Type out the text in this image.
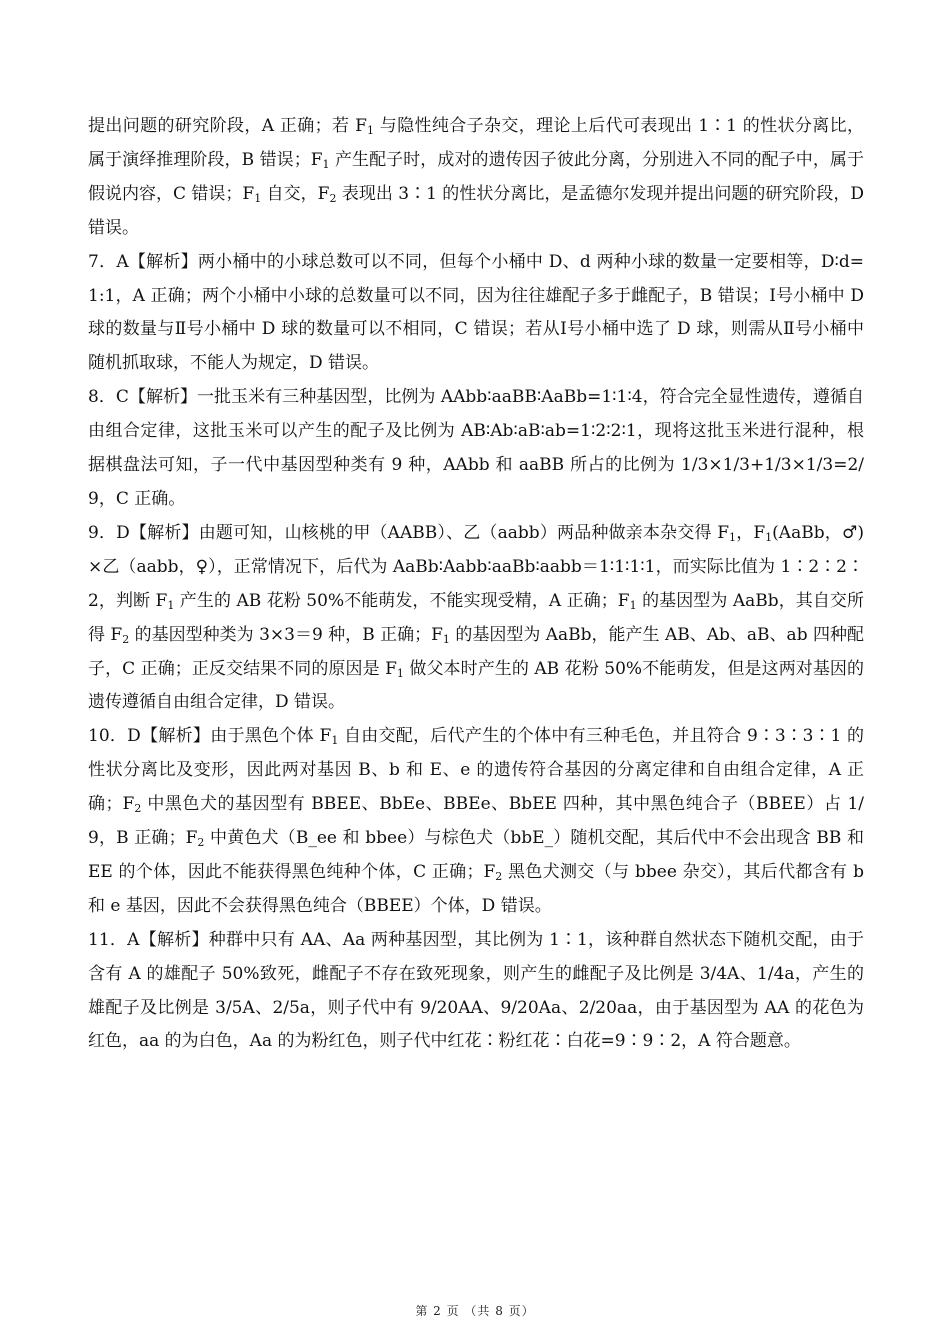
提出问题的研究阶段，A 正确；若 $F_1$ 与隐性纯合子杂交，理论上后代可表现出 1∶1 的性状分离比，属于演绎推理阶段，B 错误；$F_1$ 产生配子时，成对的遗传因子彼此分离，分别进入不同的配子中，属于假说内容，C 错误；$F_1$ 自交，$F_2$ 表现出 3∶1 的性状分离比，是孟德尔发现并提出问题的研究阶段，D 错误。

7．A【解析】两小桶中的小球总数可以不同，但每个小桶中 D、d 两种小球的数量一定要相等，D∶d=1:1，A 正确；两个小桶中小球的总数量可以不同，因为往往雄配子多于雌配子，B 错误；Ⅰ号小桶中 D 球的数量与Ⅱ号小桶中 D 球的数量可以不相同，C 错误；若从Ⅰ号小桶中选了 D 球，则需从Ⅱ号小桶中随机抓取球，不能人为规定，D 错误。

8．C【解析】一批玉米有三种基因型，比例为 AAbb∶aaBB∶AaBb=1∶1∶4，符合完全显性遗传，遵循自由组合定律，这批玉米可以产生的配子及比例为 AB∶Ab∶aB∶ab=1∶2∶2∶1，现将这批玉米进行混种，根据棋盘法可知，子一代中基因型种类有 9 种，AAbb 和 aaBB 所占的比例为 1/3×1/3+1/3×1/3=2/9，C 正确。

9．D【解析】由题可知，山核桃的甲（AABB）、乙（aabb）两品种做亲本杂交得 $F_1$，$F_1(AaBb$，♂)×乙（aabb，♀），正常情况下，后代为 AaBb∶Aabb∶aaBb∶aabb＝1∶1∶1∶1，而实际比值为 1∶2∶2∶2，判断 $F_1$ 产生的 AB 花粉 50%不能萌发，不能实现受精，A 正确；$F_1$ 的基因型为 AaBb，其自交所得 $F_2$ 的基因型种类为 3×3＝9 种，B 正确；$F_1$ 的基因型为 AaBb，能产生 AB、Ab、aB、ab 四种配子，C 正确；正反交结果不同的原因是 $F_1$ 做父本时产生的 AB 花粉 50%不能萌发，但是这两对基因的遗传遵循自由组合定律，D 错误。

10．D【解析】由于黑色个体 $F_1$ 自由交配，后代产生的个体中有三种毛色，并且符合 9∶3∶3∶1 的性状分离比及变形，因此两对基因 B、b 和 E、e 的遗传符合基因的分离定律和自由组合定律，A 正确；$F_2$ 中黑色犬的基因型有 BBEE、BbEe、BBEe、BbEE 四种，其中黑色纯合子（BBEE）占 1/9，B 正确；$F_2$ 中黄色犬（B_ee 和 bbee）与棕色犬（bbE_）随机交配，其后代中不会出现含 BB 和 EE 的个体，因此不能获得黑色纯种个体，C 正确；$F_2$ 黑色犬测交（与 bbee 杂交），其后代都含有 b 和 e 基因，因此不会获得黑色纯合（BBEE）个体，D 错误。

11．A【解析】种群中只有 AA、Aa 两种基因型，其比例为 1∶1，该种群自然状态下随机交配，由于含有 A 的雄配子 50%致死，雌配子不存在致死现象，则产生的雌配子及比例是 3/4A、1/4a，产生的雄配子及比例是 3/5A、2/5a，则子代中有 9/20AA、9/20Aa、2/20aa，由于基因型为 AA 的花色为红色，aa 的为白色，Aa 的为粉红色，则子代中红花∶粉红花∶白花=9∶9∶2，A 符合题意。

第 2 页 （共 8 页）
